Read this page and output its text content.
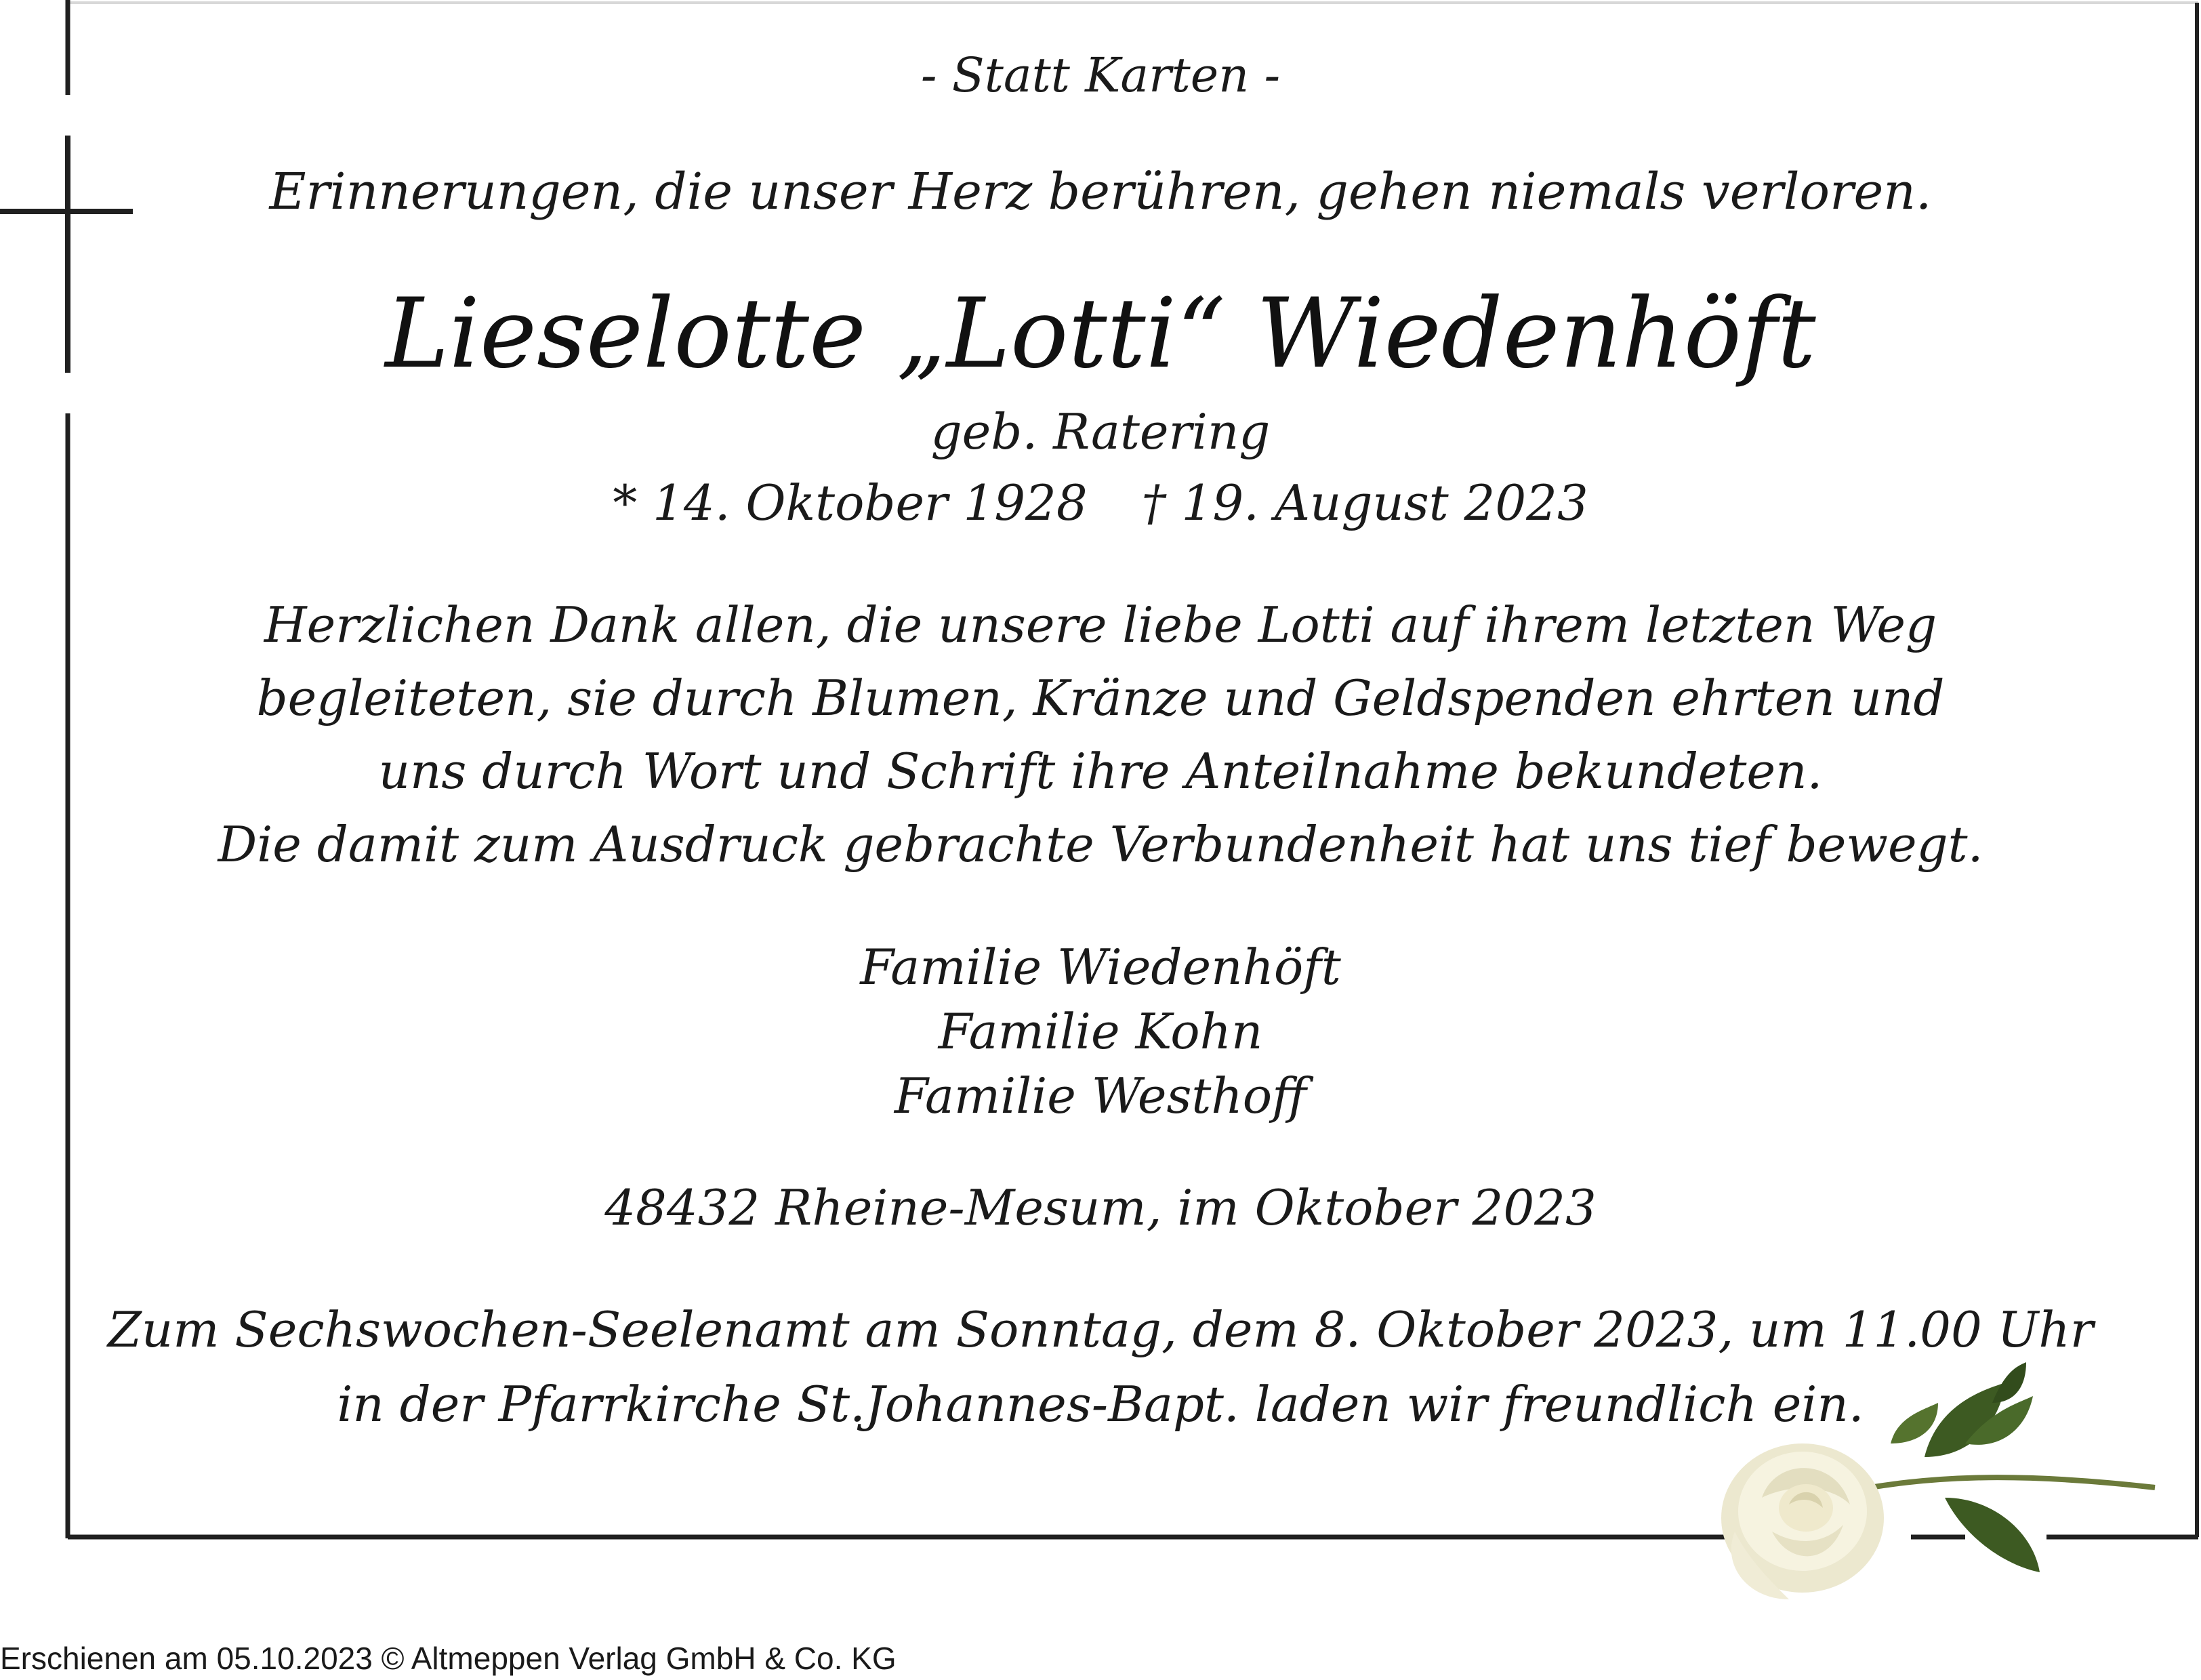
- Statt Karten -
Erinnerungen, die unser Herz berühren, gehen niemals verloren.
Lieselotte „Lotti“ Wiedenhöft
geb. Ratering
* 14. Oktober 1928 † 19. August 2023
Herzlichen Dank allen, die unsere liebe Lotti auf ihrem letzten Weg
begleiteten, sie durch Blumen, Kränze und Geldspenden ehrten und
uns durch Wort und Schrift ihre Anteilnahme bekundeten.
Die damit zum Ausdruck gebrachte Verbundenheit hat uns tief bewegt.
Familie Wiedenhöft
Familie Kohn
Familie Westhoff
48432 Rheine-Mesum, im Oktober 2023
Zum Sechswochen-Seelenamt am Sonntag, dem 8. Oktober 2023, um 11.00 Uhr
in der Pfarrkirche St.Johannes-Bapt. laden wir freundlich ein.
Erschienen am 05.10.2023 © Altmeppen Verlag GmbH & Co. KG
